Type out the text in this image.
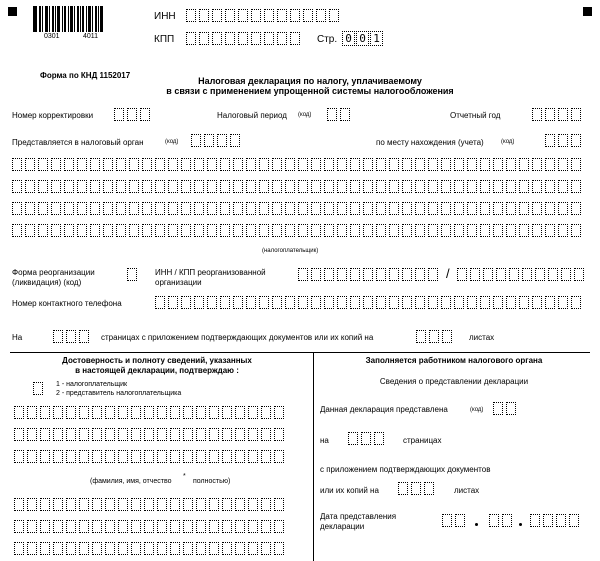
0301	4011
ИНН
КПП	Стр. 0 0 1
Форма по КНД 1152017
Налоговая декларация по налогу, уплачиваемому
в связи с применением упрощенной системы налогообложения
Номер корректировки	Налоговый период (код)	Отчетный год
Представляется в налоговый орган	(код)	по месту нахождения (учета)	(код)
(налогоплательщик)
Форма реорганизации
(ликвидация) (код)
ИНН / КПП реорганизованной
организации
/
Номер контактного телефона
На	страницах с приложением подтверждающих документов или их копий на	листах
Достоверность и полноту сведений, указанных
в настоящей декларации, подтверждаю :
1 - налогоплательщик
2 - представитель налогоплательщика
(фамилия, имя, отчество
*
полностью)
Заполняется работником налогового органа
Сведения о представлении декларации
Данная декларация представлена	(код)
на	страницах
с приложением подтверждающих документов
или их копий на	листах
Дата представления
декларации
